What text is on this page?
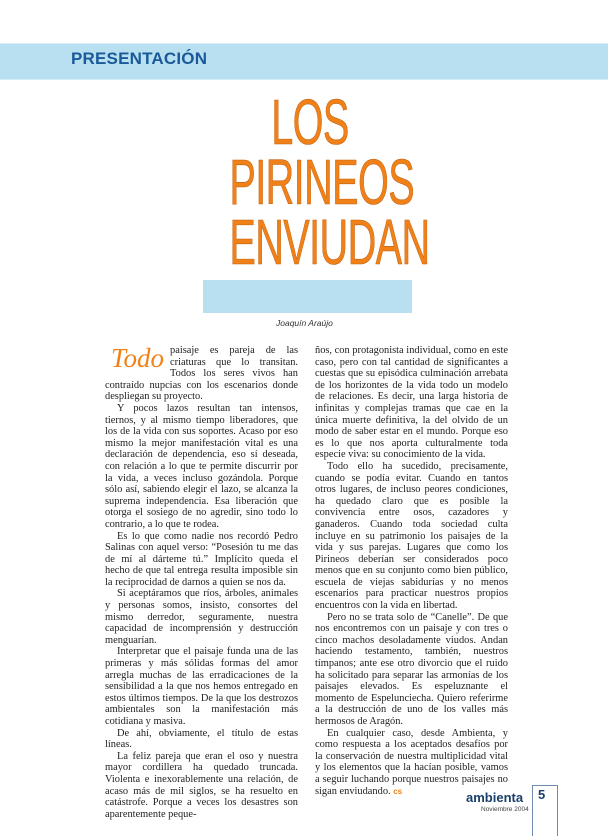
PRESENTACIÓN
LOS
PIRINEOS
ENVIUDAN
Joaquín Araújo

Todo paisaje es pareja de las criaturas que lo transitan. Todos los seres vivos han contraído nupcias con los escenarios donde despliegan su proyecto.

Y pocos lazos resultan tan intensos, tiernos, y al mismo tiempo liberadores, que los de la vida con sus soportes. Acaso por eso mismo la mejor manifestación vital es una declaración de dependencia, eso sí deseada, con relación a lo que te permite discurrir por la vida, a veces incluso gozándola. Porque sólo así, sabiendo elegir el lazo, se alcanza la suprema independencia. Esa liberación que otorga el sosiego de no agredir, sino todo lo contrario, a lo que te rodea.

Es lo que como nadie nos recordó Pedro Salinas con aquel verso: “Posesión tu me das de mí al dárteme tú.” Implícito queda el hecho de que tal entrega resulta imposible sin la reciprocidad de darnos a quien se nos da.

Si aceptáramos que ríos, árboles, animales y personas somos, insisto, consortes del mismo derredor, seguramente, nuestra capacidad de incomprensión y destrucción menguarían.

Interpretar que el paisaje funda una de las primeras y más sólidas formas del amor arregla muchas de las erradicaciones de la sensibilidad a la que nos hemos entregado en estos últimos tiempos. De la que los destrozos ambientales son la manifestación más cotidiana y masiva.

De ahí, obviamente, el título de estas líneas.

La feliz pareja que eran el oso y nuestra mayor cordillera ha quedado truncada. Violenta e inexorablemente una relación, de acaso más de mil siglos, se ha resuelto en catástrofe. Porque a veces los desastres son aparentemente peque-

ños, con protagonista individual, como en este caso, pero con tal cantidad de significantes a cuestas que su episódica culminación arrebata de los horizontes de la vida todo un modelo de relaciones. Es decir, una larga historia de infinitas y complejas tramas que cae en la única muerte definitiva, la del olvido de un modo de saber estar en el mundo. Porque eso es lo que nos aporta culturalmente toda especie viva: su conocimiento de la vida.

Todo ello ha sucedido, precisamente, cuando se podía evitar. Cuando en tantos otros lugares, de incluso peores condiciones, ha quedado claro que es posible la convivencia entre osos, cazadores y ganaderos. Cuando toda sociedad culta incluye en su patrimonio los paisajes de la vida y sus parejas. Lugares que como los Pirineos deberían ser considerados poco menos que en su conjunto como bien público, escuela de viejas sabidurías y no menos escenarios para practicar nuestros propios encuentros con la vida en libertad.

Pero no se trata solo de “Canelle”. De que nos encontremos con un paisaje y con tres o cinco machos desoladamente viudos. Andan haciendo testamento, también, nuestros tímpanos; ante ese otro divorcio que el ruido ha solicitado para separar las armonías de los paisajes elevados. Es espeluznante el momento de Espelunciecha. Quiero referirme a la destrucción de uno de los valles más hermosos de Aragón.

En cualquier caso, desde Ambienta, y como respuesta a los aceptados desafíos por la conservación de nuestra multiplicidad vital y los elementos que la hacían posible, vamos a seguir luchando porque nuestros paisajes no sigan enviudando. cs	ambienta
Noviembre 2004
5
